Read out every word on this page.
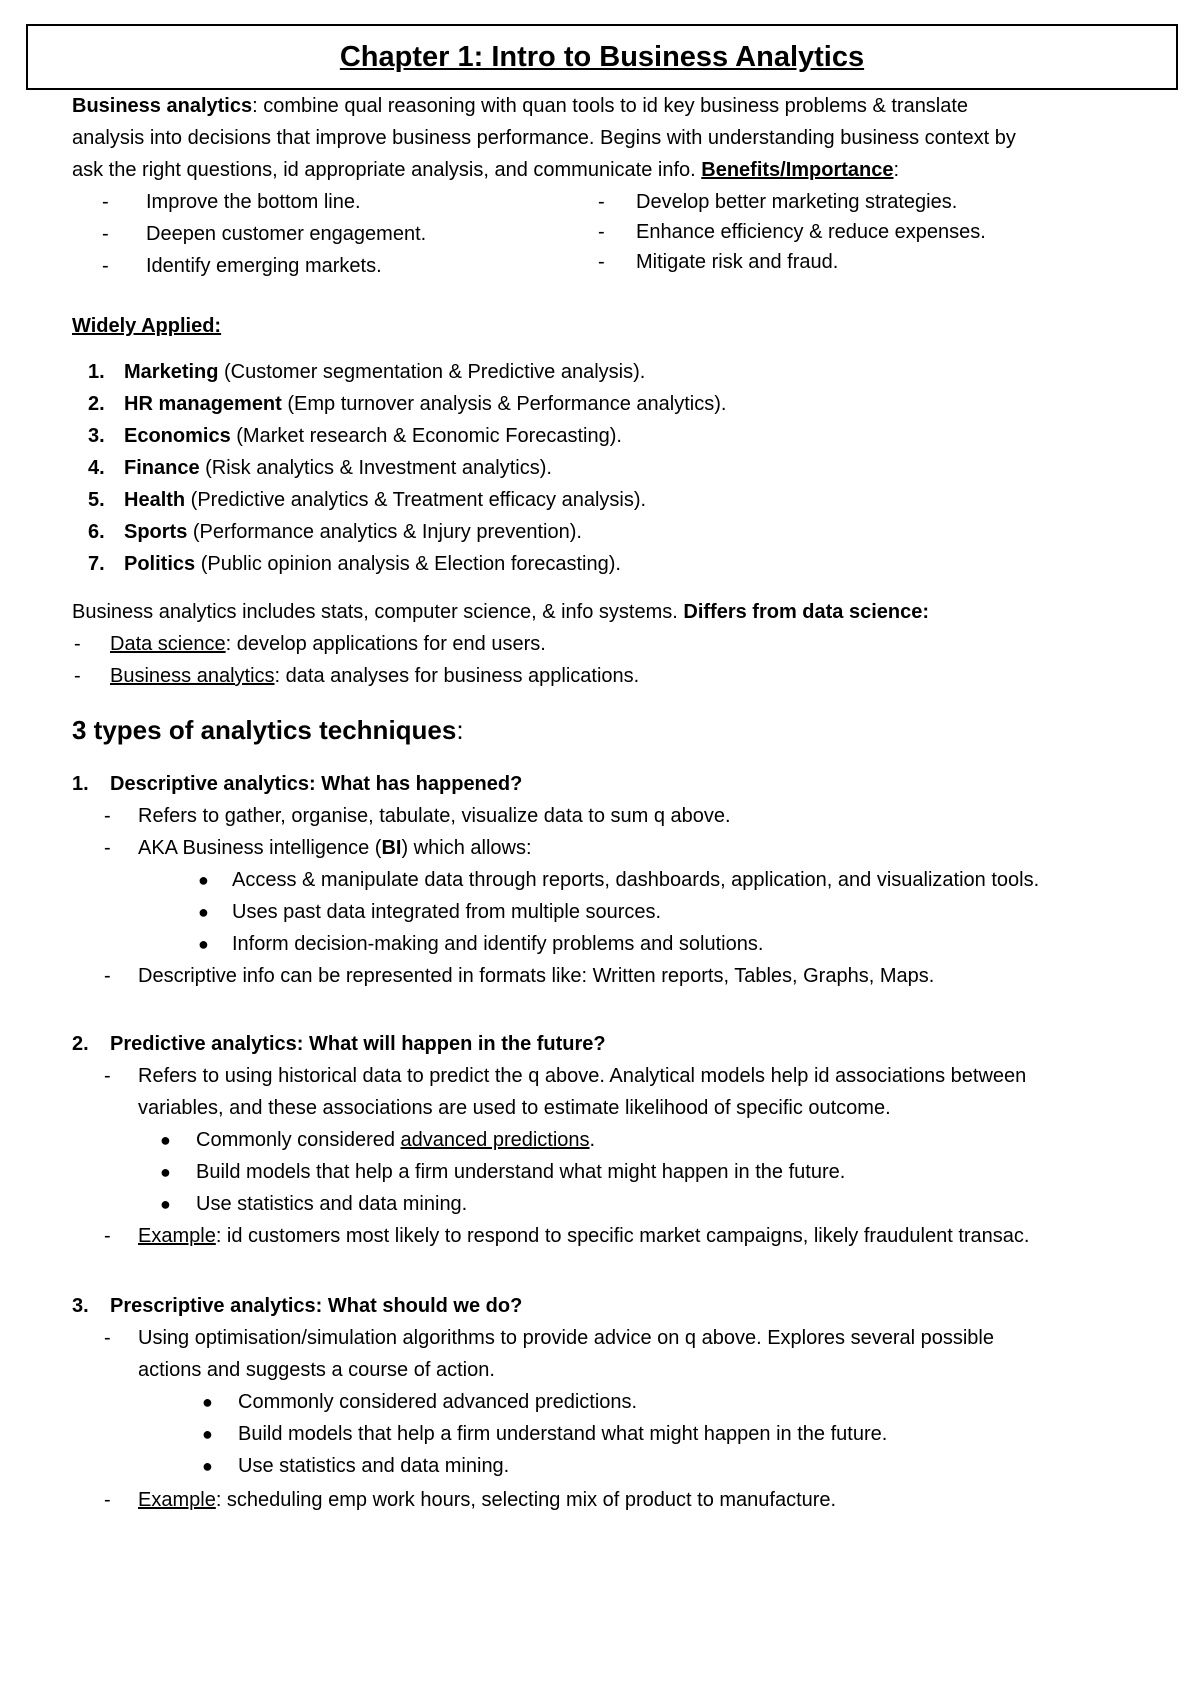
Chapter 1: Intro to Business Analytics
Business analytics: combine qual reasoning with quan tools to id key business problems & translate
analysis into decisions that improve business performance. Begins with understanding business context by
ask the right questions, id appropriate analysis, and communicate info. Benefits/Importance:
- Improve the bottom line.
- Deepen customer engagement.
- Identify emerging markets.
- Develop better marketing strategies.
- Enhance efficiency & reduce expenses.
- Mitigate risk and fraud.
Widely Applied:
1. Marketing (Customer segmentation & Predictive analysis).
2. HR management (Emp turnover analysis & Performance analytics).
3. Economics (Market research & Economic Forecasting).
4. Finance (Risk analytics & Investment analytics).
5. Health (Predictive analytics & Treatment efficacy analysis).
6. Sports (Performance analytics & Injury prevention).
7. Politics (Public opinion analysis & Election forecasting).
Business analytics includes stats, computer science, & info systems. Differs from data science:
- Data science: develop applications for end users.
- Business analytics: data analyses for business applications.
3 types of analytics techniques:
1. Descriptive analytics: What has happened?
- Refers to gather, organise, tabulate, visualize data to sum q above.
- AKA Business intelligence (BI) which allows:
● Access & manipulate data through reports, dashboards, application, and visualization tools.
● Uses past data integrated from multiple sources.
● Inform decision-making and identify problems and solutions.
- Descriptive info can be represented in formats like: Written reports, Tables, Graphs, Maps.
2. Predictive analytics: What will happen in the future?
- Refers to using historical data to predict the q above. Analytical models help id associations between
variables, and these associations are used to estimate likelihood of specific outcome.
● Commonly considered advanced predictions.
● Build models that help a firm understand what might happen in the future.
● Use statistics and data mining.
- Example: id customers most likely to respond to specific market campaigns, likely fraudulent transac.
3. Prescriptive analytics: What should we do?
- Using optimisation/simulation algorithms to provide advice on q above. Explores several possible
actions and suggests a course of action.
● Commonly considered advanced predictions.
● Build models that help a firm understand what might happen in the future.
● Use statistics and data mining.
- Example: scheduling emp work hours, selecting mix of product to manufacture.
